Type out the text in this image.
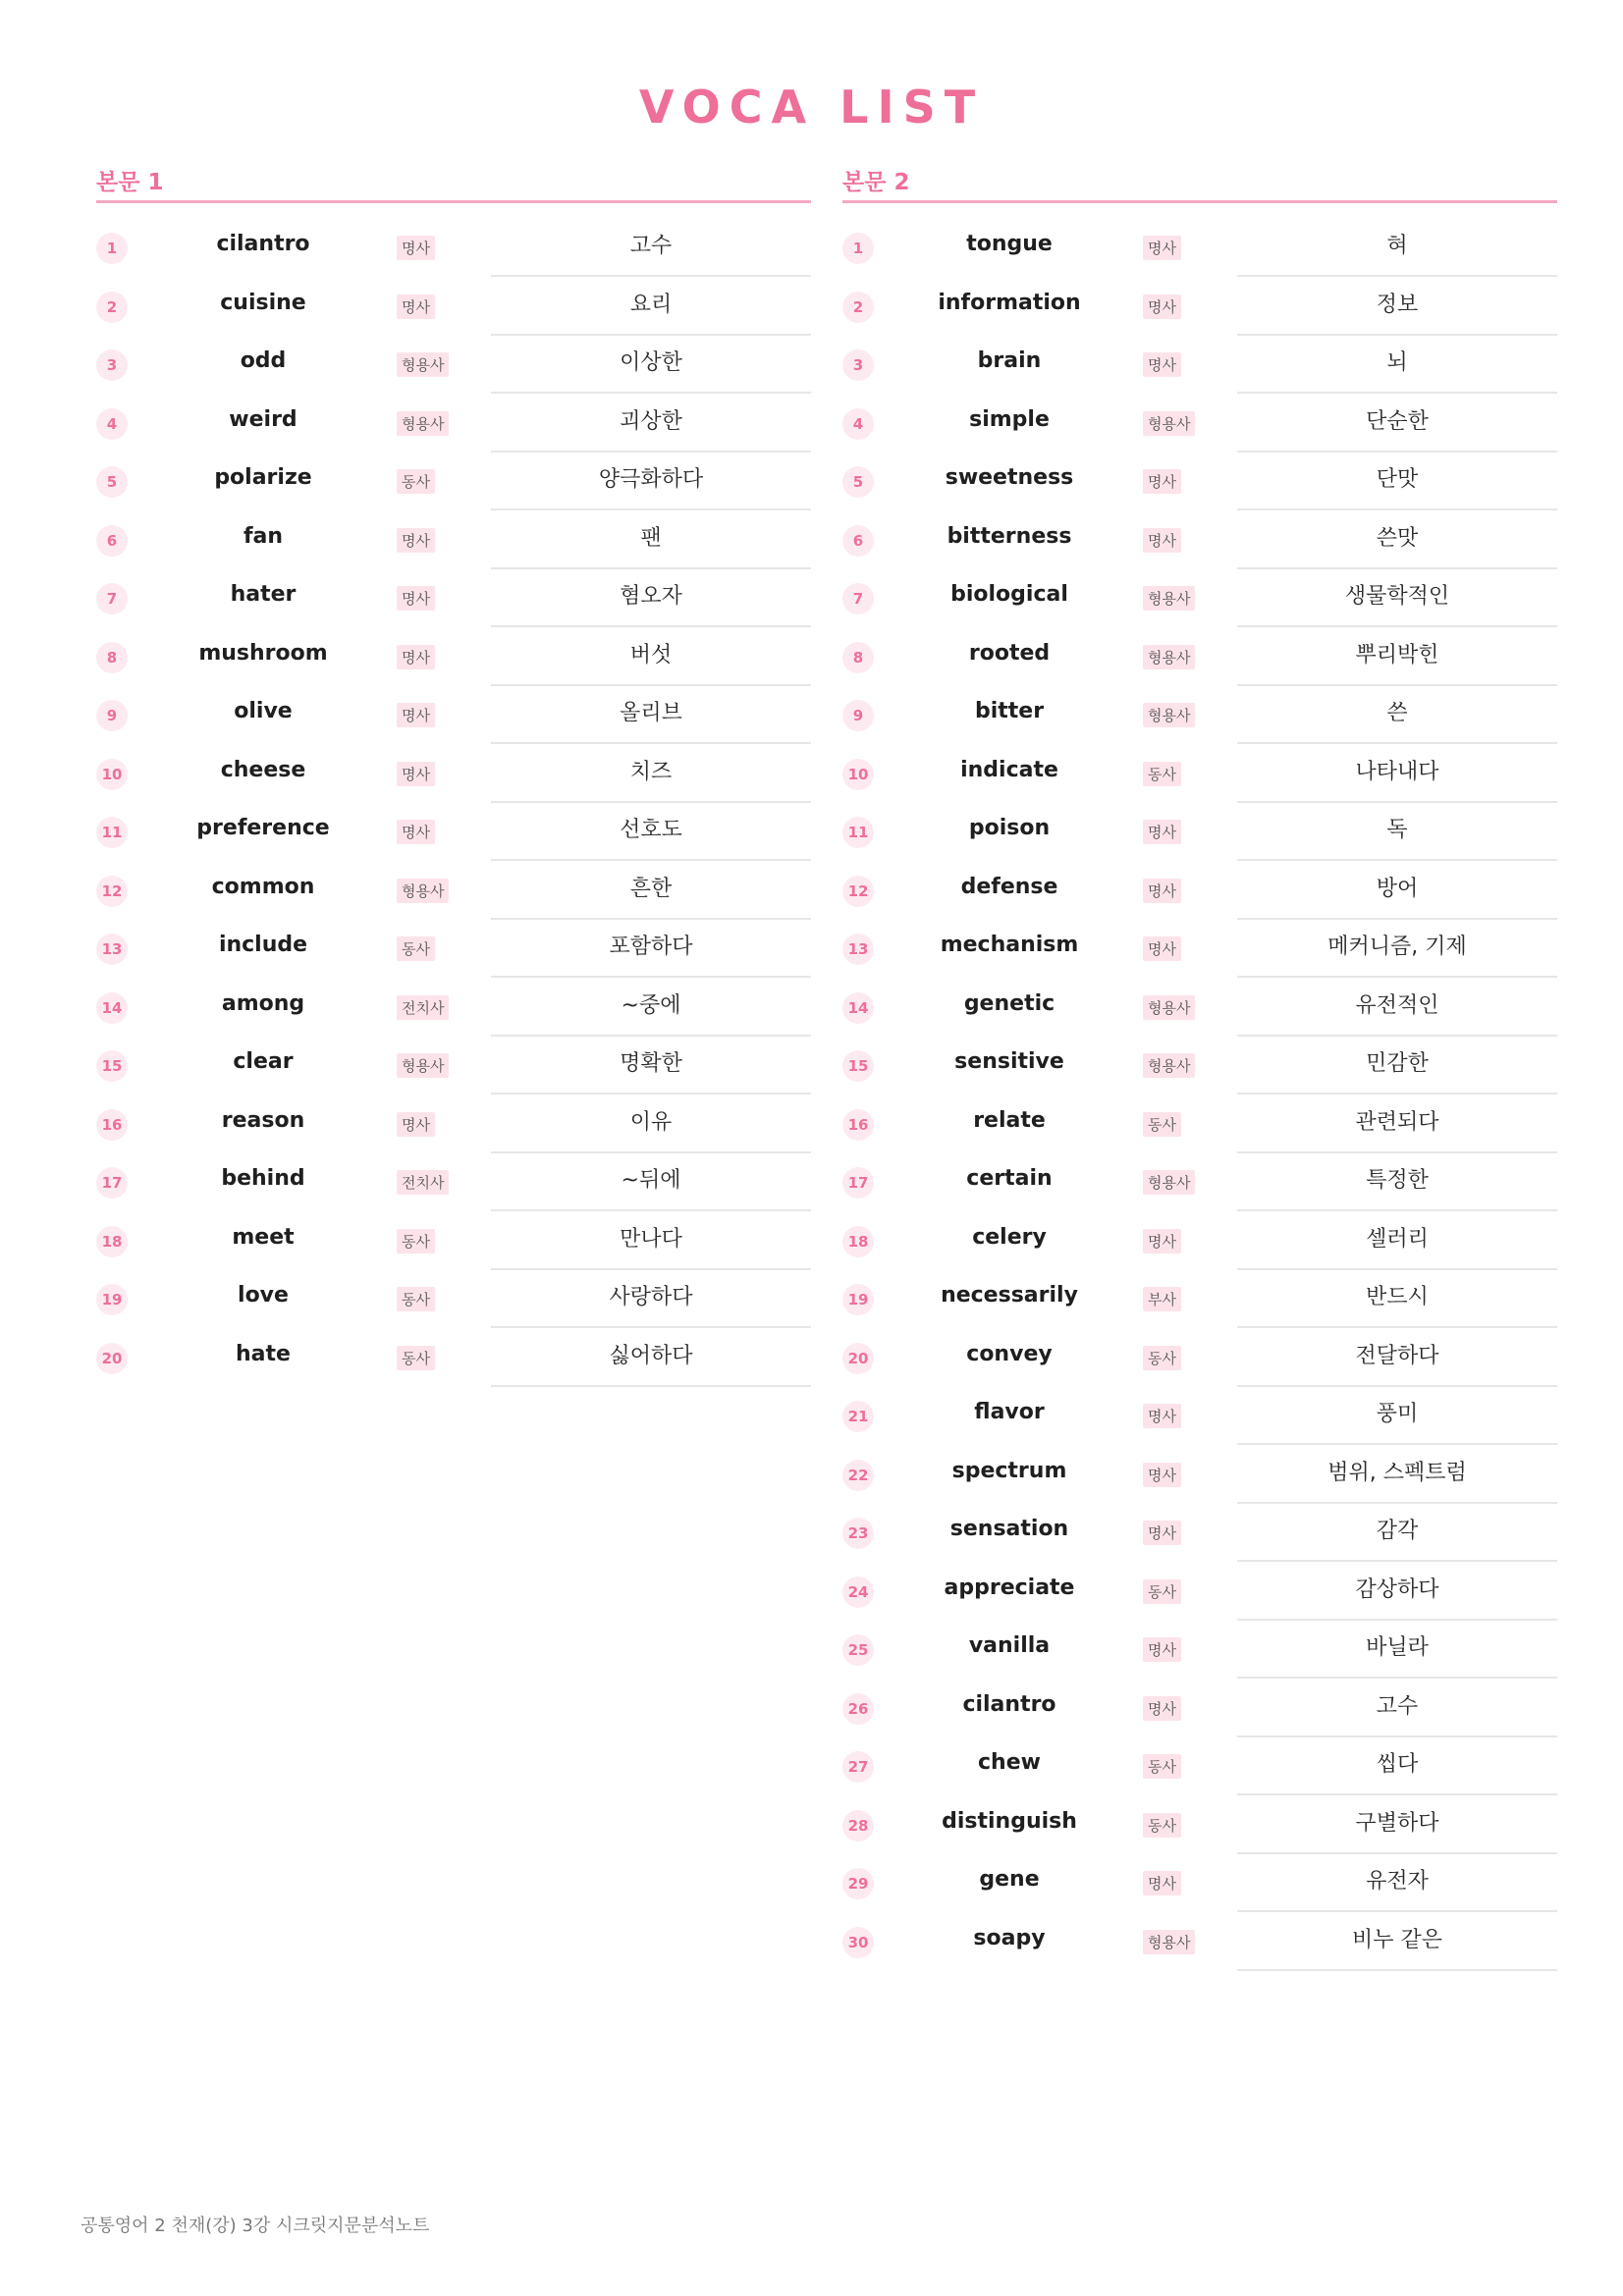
VOCA LIST
본문 1
1	cilantro	명사	고수
2	cuisine	명사	요리
3	odd	형용사	이상한
4	weird	형용사	괴상한
5	polarize	동사	양극화하다
6	fan	명사	팬
7	hater	명사	혐오자
8	mushroom	명사	버섯
9	olive	명사	올리브
10	cheese	명사	치즈
11	preference	명사	선호도
12	common	형용사	흔한
13	include	동사	포함하다
14	among	전치사	~중에
15	clear	형용사	명확한
16	reason	명사	이유
17	behind	전치사	~뒤에
18	meet	동사	만나다
19	love	동사	사랑하다
20	hate	동사	싫어하다
본문 2
1	tongue	명사	혀
2	information	명사	정보
3	brain	명사	뇌
4	simple	형용사	단순한
5	sweetness	명사	단맛
6	bitterness	명사	쓴맛
7	biological	형용사	생물학적인
8	rooted	형용사	뿌리박힌
9	bitter	형용사	쓴
10	indicate	동사	나타내다
11	poison	명사	독
12	defense	명사	방어
13	mechanism	명사	메커니즘, 기제
14	genetic	형용사	유전적인
15	sensitive	형용사	민감한
16	relate	동사	관련되다
17	certain	형용사	특정한
18	celery	명사	셀러리
19	necessarily	부사	반드시
20	convey	동사	전달하다
21	flavor	명사	풍미
22	spectrum	명사	범위, 스펙트럼
23	sensation	명사	감각
24	appreciate	동사	감상하다
25	vanilla	명사	바닐라
26	cilantro	명사	고수
27	chew	동사	씹다
28	distinguish	동사	구별하다
29	gene	명사	유전자
30	soapy	형용사	비누 같은
공통영어 2 천재(강) 3강 시크릿지문분석노트
